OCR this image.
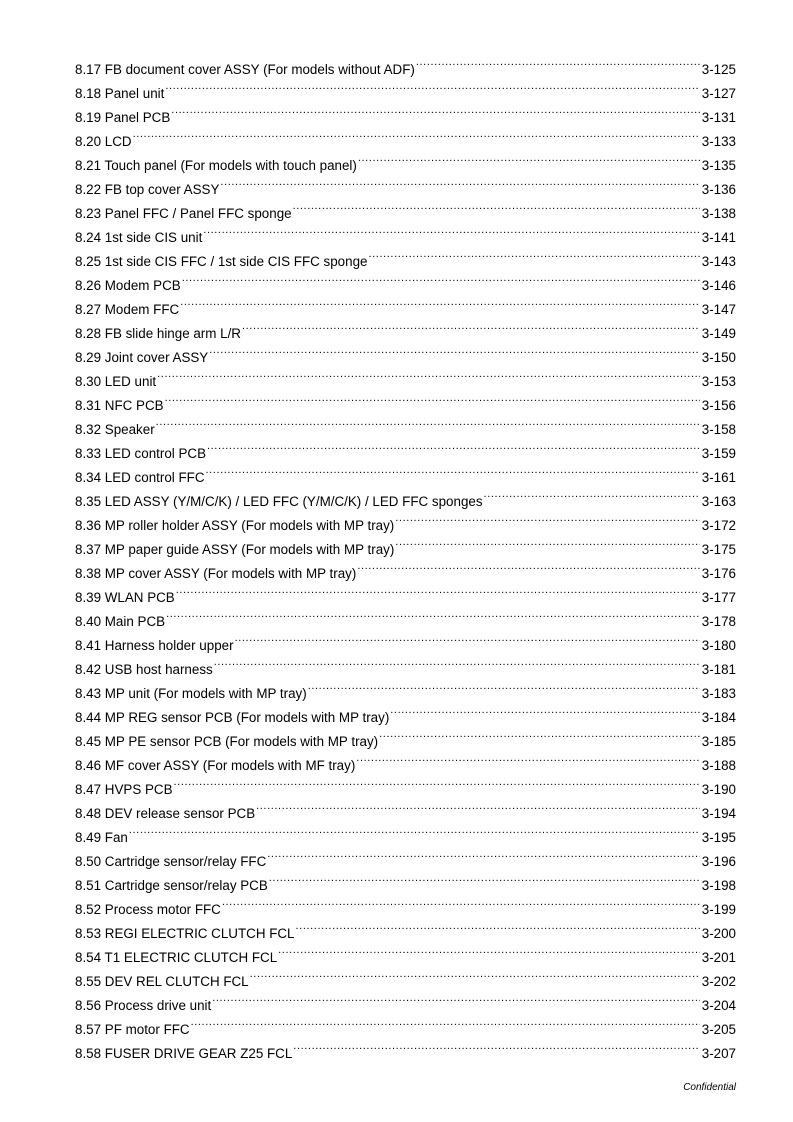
8.17 FB document cover ASSY (For models without ADF) .....	3-125
8.18 Panel unit .....	3-127
8.19 Panel PCB .....	3-131
8.20 LCD .....	3-133
8.21 Touch panel (For models with touch panel) .....	3-135
8.22 FB top cover ASSY .....	3-136
8.23 Panel FFC / Panel FFC sponge .....	3-138
8.24 1st side CIS unit .....	3-141
8.25 1st side CIS FFC / 1st side CIS FFC sponge .....	3-143
8.26 Modem PCB .....	3-146
8.27 Modem FFC .....	3-147
8.28 FB slide hinge arm L/R .....	3-149
8.29 Joint cover ASSY .....	3-150
8.30 LED unit .....	3-153
8.31 NFC PCB .....	3-156
8.32 Speaker .....	3-158
8.33 LED control PCB .....	3-159
8.34 LED control FFC .....	3-161
8.35 LED ASSY (Y/M/C/K) / LED FFC (Y/M/C/K) / LED FFC sponges .....	3-163
8.36 MP roller holder ASSY (For models with MP tray) .....	3-172
8.37 MP paper guide ASSY (For models with MP tray) .....	3-175
8.38 MP cover ASSY (For models with MP tray) .....	3-176
8.39 WLAN PCB .....	3-177
8.40 Main PCB .....	3-178
8.41 Harness holder upper .....	3-180
8.42 USB host harness .....	3-181
8.43 MP unit (For models with MP tray) .....	3-183
8.44 MP REG sensor PCB (For models with MP tray) .....	3-184
8.45 MP PE sensor PCB (For models with MP tray) .....	3-185
8.46 MF cover ASSY (For models with MF tray) .....	3-188
8.47 HVPS PCB .....	3-190
8.48 DEV release sensor PCB .....	3-194
8.49 Fan .....	3-195
8.50 Cartridge sensor/relay FFC .....	3-196
8.51 Cartridge sensor/relay PCB .....	3-198
8.52 Process motor FFC .....	3-199
8.53 REGI ELECTRIC CLUTCH FCL .....	3-200
8.54 T1 ELECTRIC CLUTCH FCL .....	3-201
8.55 DEV REL CLUTCH FCL .....	3-202
8.56 Process drive unit .....	3-204
8.57 PF motor FFC .....	3-205
8.58 FUSER DRIVE GEAR Z25 FCL .....	3-207
Confidential
